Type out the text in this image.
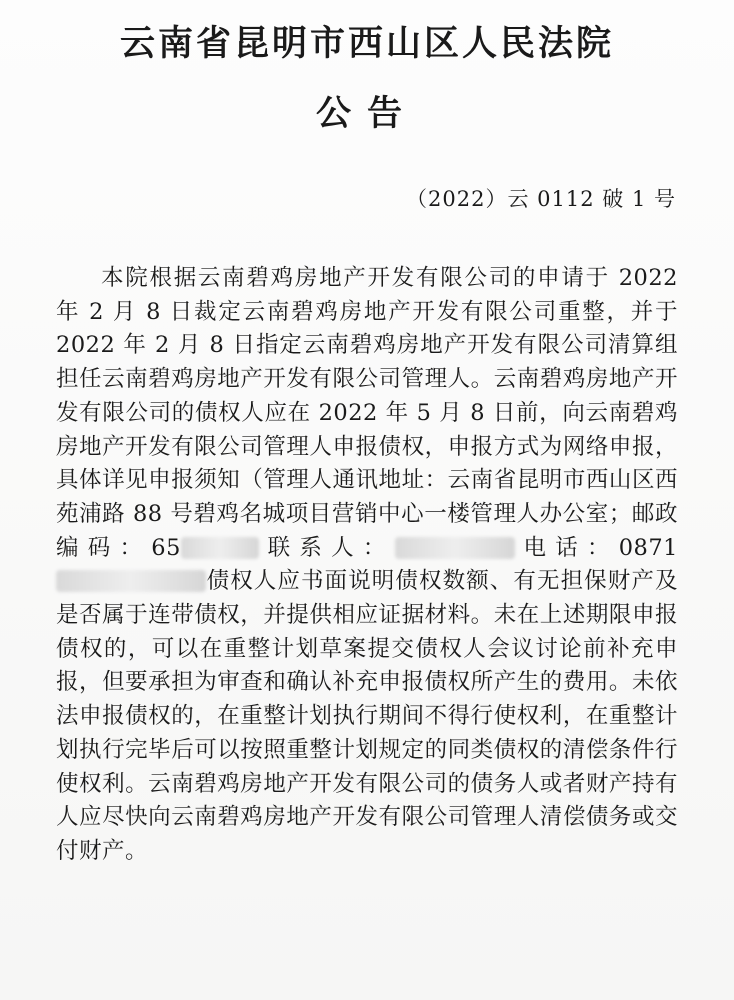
云南省昆明市西山区人民法院
公告
（2022）云 0112 破 1 号

本院根据云南碧鸡房地产开发有限公司的申请于 2022 年 2 月 8 日裁定云南碧鸡房地产开发有限公司重整，并于 2022 年 2 月 8 日指定云南碧鸡房地产开发有限公司清算组担任云南碧鸡房地产开发有限公司管理人。云南碧鸡房地产开发有限公司的债权人应在 2022 年 5 月 8 日前，向云南碧鸡房地产开发有限公司管理人申报债权，申报方式为网络申报，具体详见申报须知（管理人通讯地址：云南省昆明市西山区西苑浦路 88 号碧鸡名城项目营销中心一楼管理人办公室；邮政编码：65	联系人：	电话：0871债权人应书面说明债权数额、有无担保财产及是否属于连带债权，并提供相应证据材料。未在上述期限申报债权的，可以在重整计划草案提交债权人会议讨论前补充申报，但要承担为审查和确认补充申报债权所产生的费用。未依法申报债权的，在重整计划执行期间不得行使权利，在重整计划执行完毕后可以按照重整计划规定的同类债权的清偿条件行使权利。云南碧鸡房地产开发有限公司的债务人或者财产持有人应尽快向云南碧鸡房地产开发有限公司管理人清偿债务或交付财产。
